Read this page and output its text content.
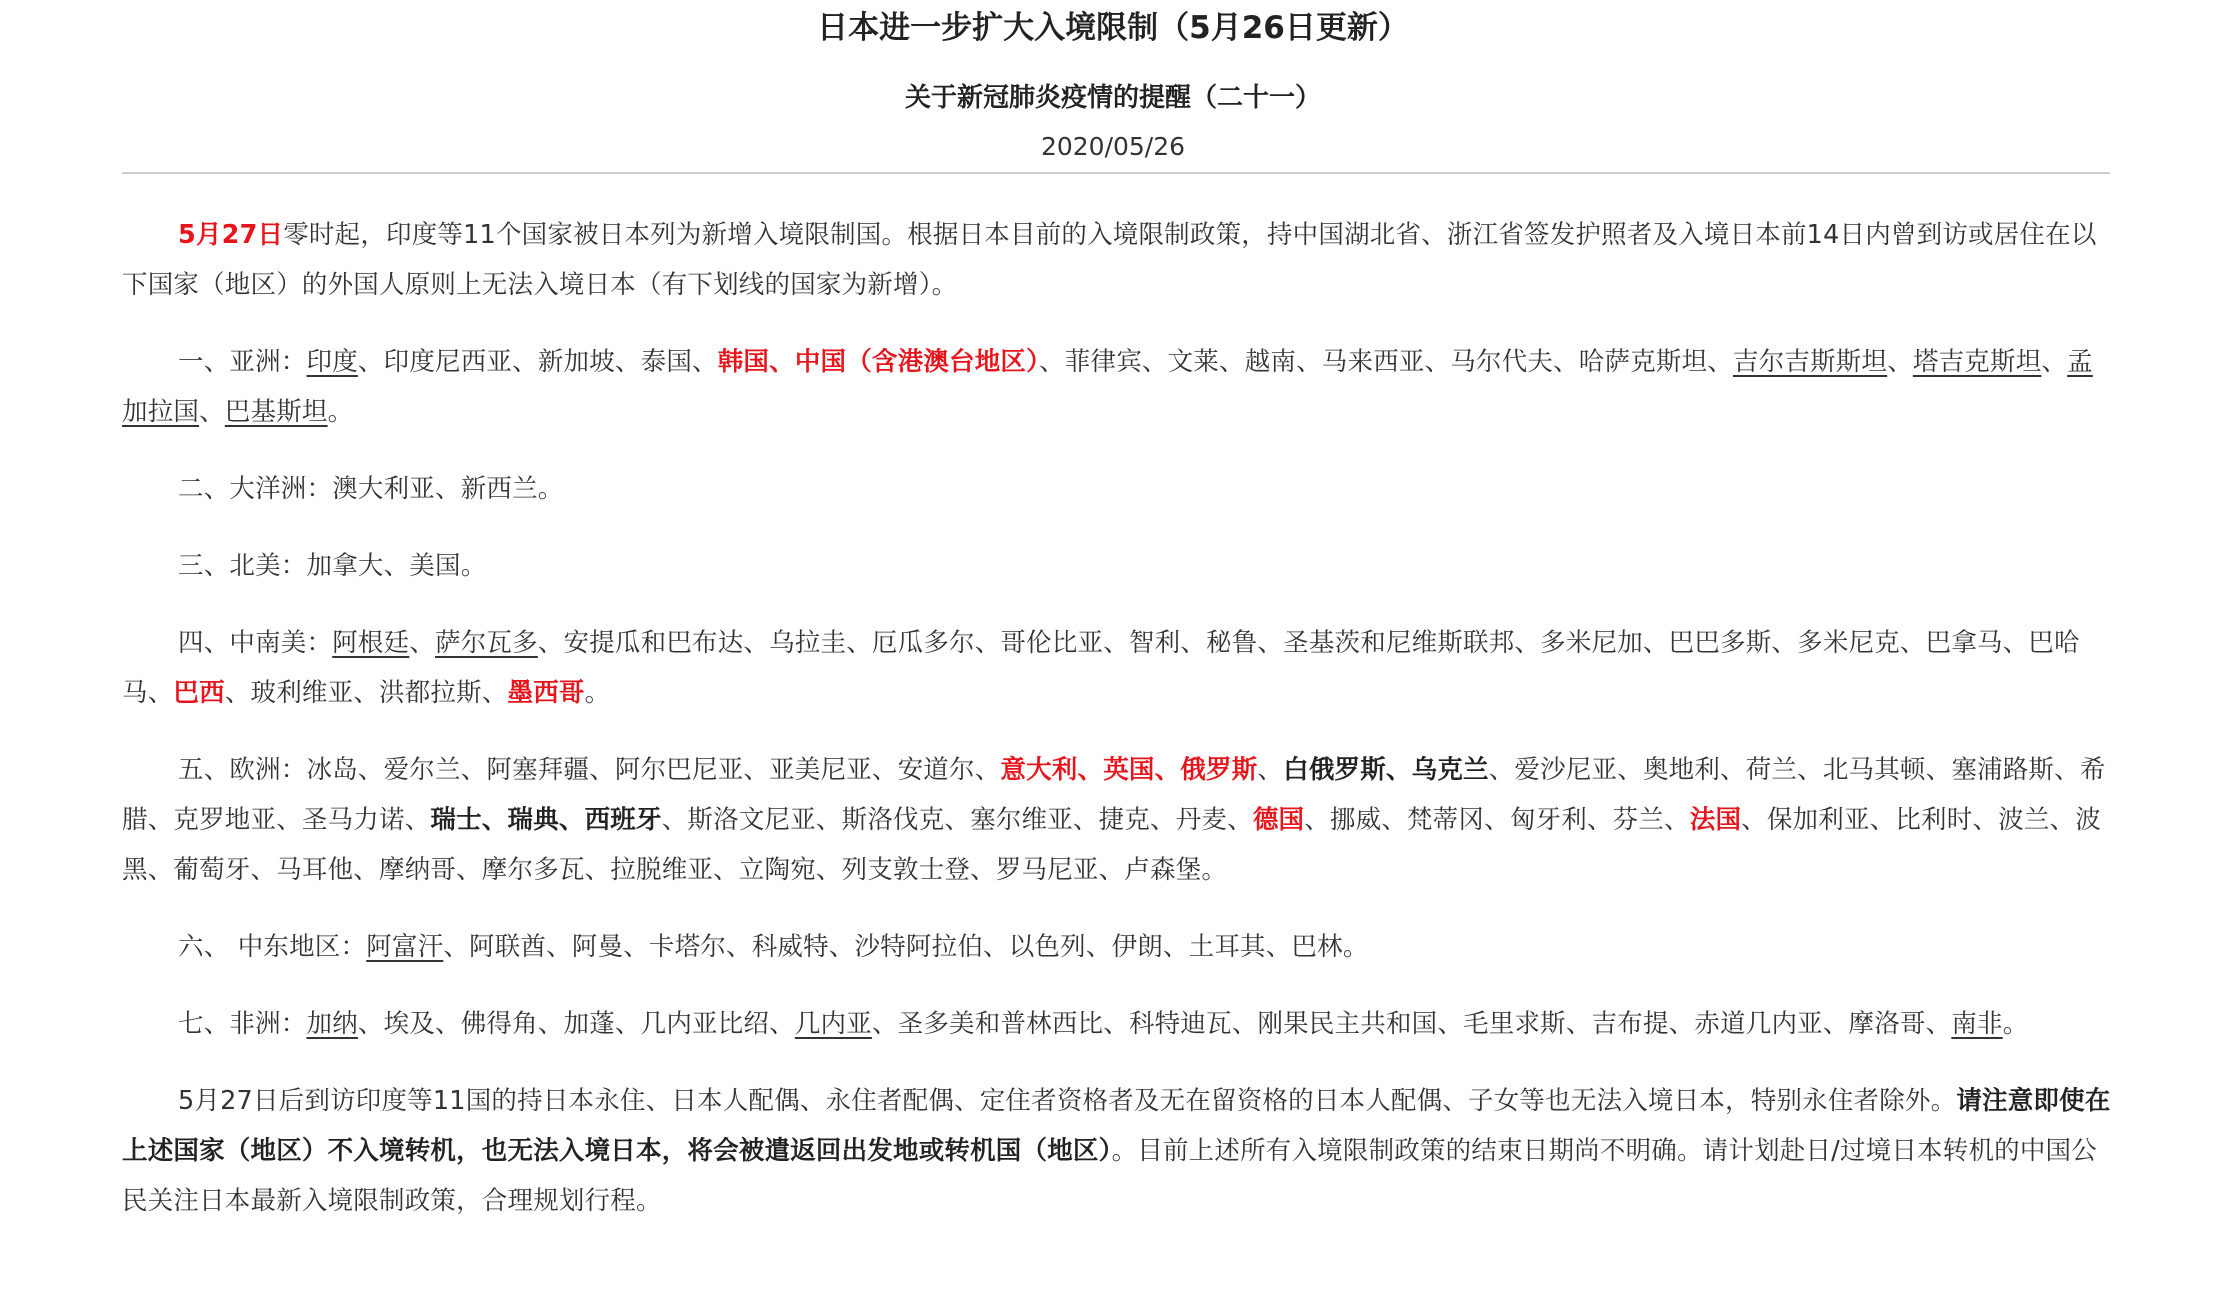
日本进一步扩大入境限制（5月26日更新）
关于新冠肺炎疫情的提醒（二十一）
2020/05/26

5月27日零时起，印度等11个国家被日本列为新增入境限制国。根据日本目前的入境限制政策，持中国湖北省、浙江省签发护照者及入境日本前14日内曾到访或居住在以下国家（地区）的外国人原则上无法入境日本（有下划线的国家为新增）。

一、亚洲：印度、印度尼西亚、新加坡、泰国、韩国、中国（含港澳台地区）、菲律宾、文莱、越南、马来西亚、马尔代夫、哈萨克斯坦、吉尔吉斯斯坦、塔吉克斯坦、孟加拉国、巴基斯坦。

二、大洋洲：澳大利亚、新西兰。

三、北美：加拿大、美国。

四、中南美：阿根廷、萨尔瓦多、安提瓜和巴布达、乌拉圭、厄瓜多尔、哥伦比亚、智利、秘鲁、圣基茨和尼维斯联邦、多米尼加、巴巴多斯、多米尼克、巴拿马、巴哈马、巴西、玻利维亚、洪都拉斯、墨西哥。

五、欧洲：冰岛、爱尔兰、阿塞拜疆、阿尔巴尼亚、亚美尼亚、安道尔、意大利、英国、俄罗斯、白俄罗斯、乌克兰、爱沙尼亚、奥地利、荷兰、北马其顿、塞浦路斯、希腊、克罗地亚、圣马力诺、瑞士、瑞典、西班牙、斯洛文尼亚、斯洛伐克、塞尔维亚、捷克、丹麦、德国、挪威、梵蒂冈、匈牙利、芬兰、法国、保加利亚、比利时、波兰、波黑、葡萄牙、马耳他、摩纳哥、摩尔多瓦、拉脱维亚、立陶宛、列支敦士登、罗马尼亚、卢森堡。

六、 中东地区：阿富汗、阿联酋、阿曼、卡塔尔、科威特、沙特阿拉伯、以色列、伊朗、土耳其、巴林。

七、非洲：加纳、埃及、佛得角、加蓬、几内亚比绍、几内亚、圣多美和普林西比、科特迪瓦、刚果民主共和国、毛里求斯、吉布提、赤道几内亚、摩洛哥、南非。

5月27日后到访印度等11国的持日本永住、日本人配偶、永住者配偶、定住者资格者及无在留资格的日本人配偶、子女等也无法入境日本，特别永住者除外。请注意即使在上述国家（地区）不入境转机，也无法入境日本，将会被遣返回出发地或转机国（地区）。目前上述所有入境限制政策的结束日期尚不明确。请计划赴日/过境日本转机的中国公民关注日本最新入境限制政策，合理规划行程。
